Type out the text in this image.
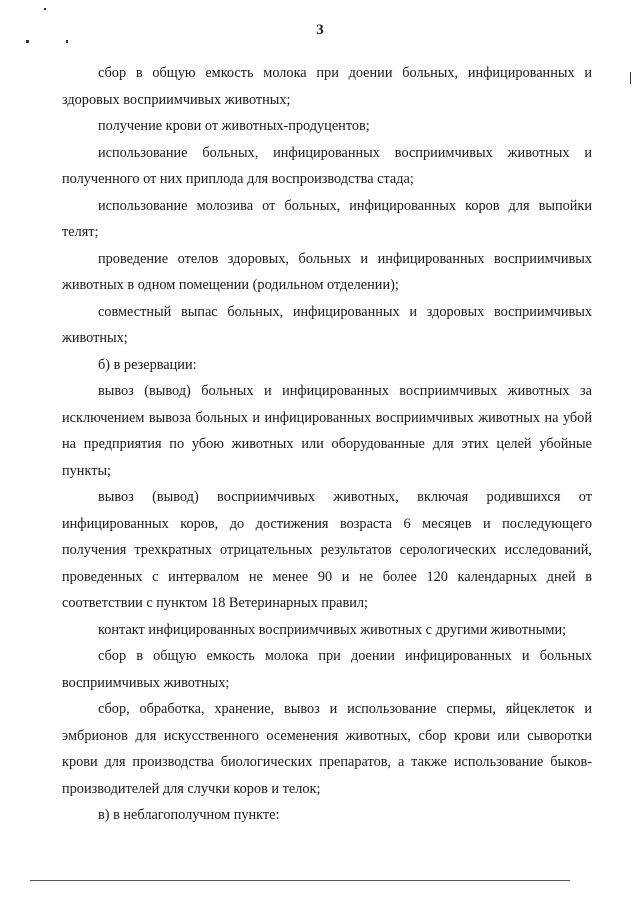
3

сбор в общую емкость молока при доении больных, инфицированных и здоровых восприимчивых животных;

получение крови от животных-продуцентов;

использование больных, инфицированных восприимчивых животных и полученного от них приплода для воспроизводства стада;

использование молозива от больных, инфицированных коров для выпойки телят;

проведение отелов здоровых, больных и инфицированных восприимчивых животных в одном помещении (родильном отделении);

совместный выпас больных, инфицированных и здоровых восприимчивых животных;

б) в резервации:

вывоз (вывод) больных и инфицированных восприимчивых животных за исключением вывоза больных и инфицированных восприимчивых животных на убой на предприятия по убою животных или оборудованные для этих целей убойные пункты;

вывоз (вывод) восприимчивых животных, включая родившихся от инфицированных коров, до достижения возраста 6 месяцев и последующего получения трехкратных отрицательных результатов серологических исследований, проведенных с интервалом не менее 90 и не более 120 календарных дней в соответствии с пунктом 18 Ветеринарных правил;

контакт инфицированных восприимчивых животных с другими животными;

сбор в общую емкость молока при доении инфицированных и больных восприимчивых животных;

сбор, обработка, хранение, вывоз и использование спермы, яйцеклеток и эмбрионов для искусственного осеменения животных, сбор крови или сыворотки крови для производства биологических препаратов, а также использование быков-производителей для случки коров и телок;

в) в неблагополучном пункте:
